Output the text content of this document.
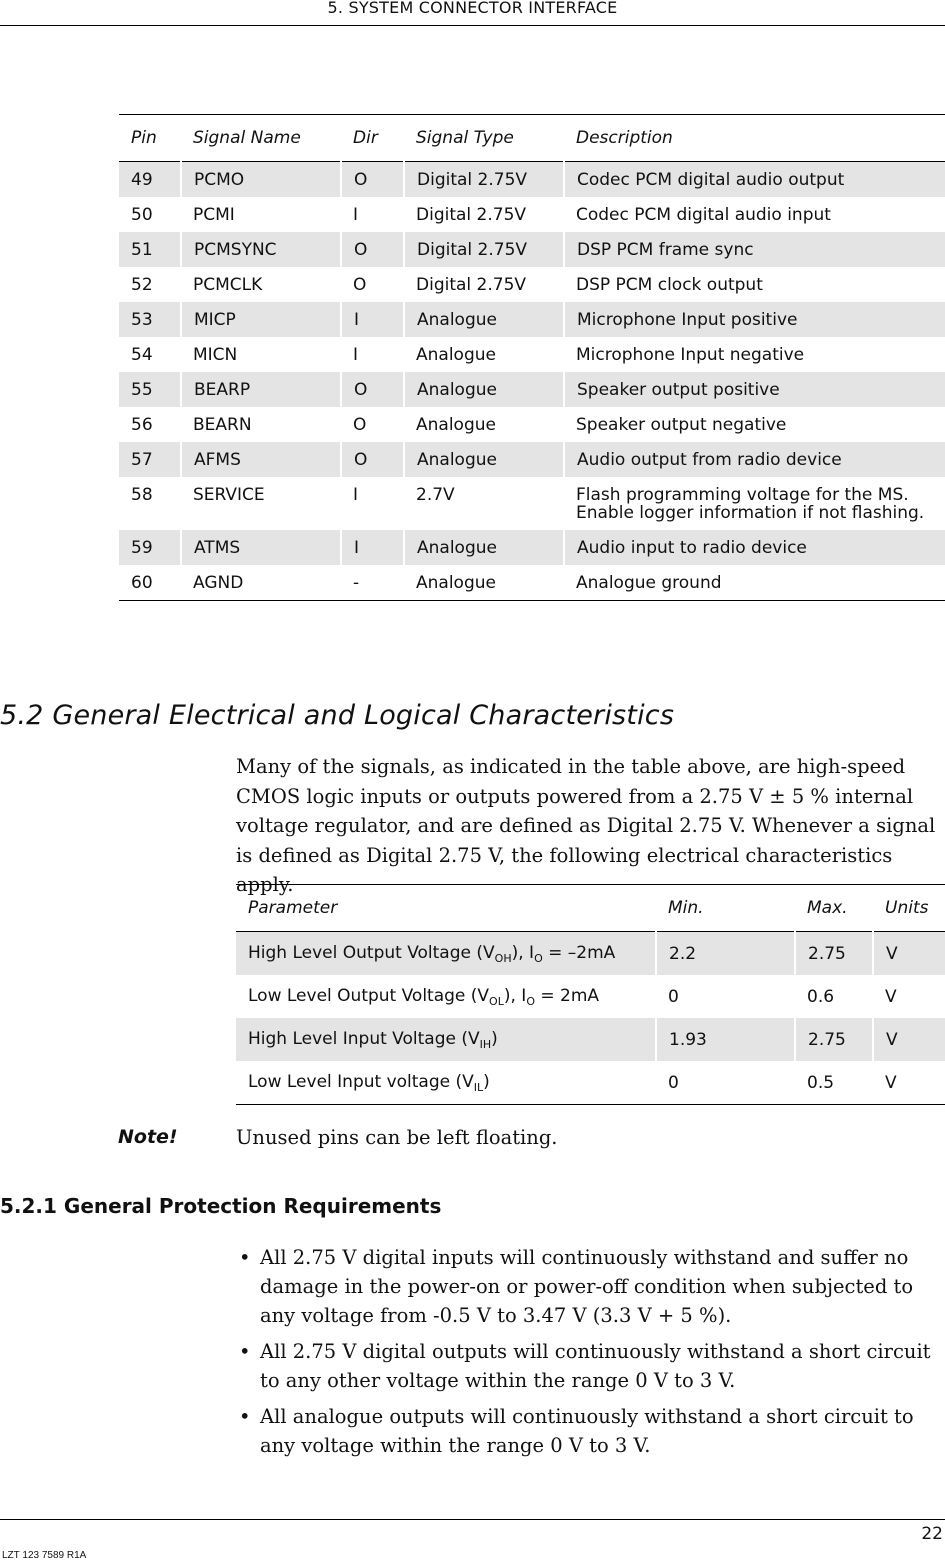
5. SYSTEM CONNECTOR INTERFACE
Pin	Signal Name	Dir	Signal Type	Description
49	PCMO	O	Digital 2.75V	Codec PCM digital audio output
50	PCMI	I	Digital 2.75V	Codec PCM digital audio input
51	PCMSYNC	O	Digital 2.75V	DSP PCM frame sync
52	PCMCLK	O	Digital 2.75V	DSP PCM clock output
53	MICP	I	Analogue	Microphone Input positive
54	MICN	I	Analogue	Microphone Input negative
55	BEARP	O	Analogue	Speaker output positive
56	BEARN	O	Analogue	Speaker output negative
57	AFMS	O	Analogue	Audio output from radio device
58	SERVICE	I	2.7V	Flash programming voltage for the MS. Enable logger information if not flashing.
59	ATMS	I	Analogue	Audio input to radio device
60	AGND	-	Analogue	Analogue ground
5.2 General Electrical and Logical Characteristics

Many of the signals, as indicated in the table above, are high-speed CMOS logic inputs or outputs powered from a 2.75 V ± 5 % internal voltage regulator, and are defined as Digital 2.75 V. Whenever a signal is defined as Digital 2.75 V, the following electrical characteristics apply.

Parameter	Min.	Max.	Units
High Level Output Voltage $(V_{OH})$, $I_O = -2mA$	2.2	2.75	V
Low Level Output Voltage $(V_{OL})$, $I_O = 2mA$	0	0.6	V
High Level Input Voltage $(V_{IH})$	1.93	2.75	V
Low Level Input voltage $(V_{IL})$	0	0.5	V
Note!	Unused pins can be left floating.
5.2.1 General Protection Requirements
• All 2.75 V digital inputs will continuously withstand and suffer no damage in the power-on or power-off condition when subjected to any voltage from -0.5 V to 3.47 V (3.3 V + 5 %).
• All 2.75 V digital outputs will continuously withstand a short circuit to any other voltage within the range 0 V to 3 V.
• All analogue outputs will continuously withstand a short circuit to any voltage within the range 0 V to 3 V.
22
LZT 123 7589 R1A
